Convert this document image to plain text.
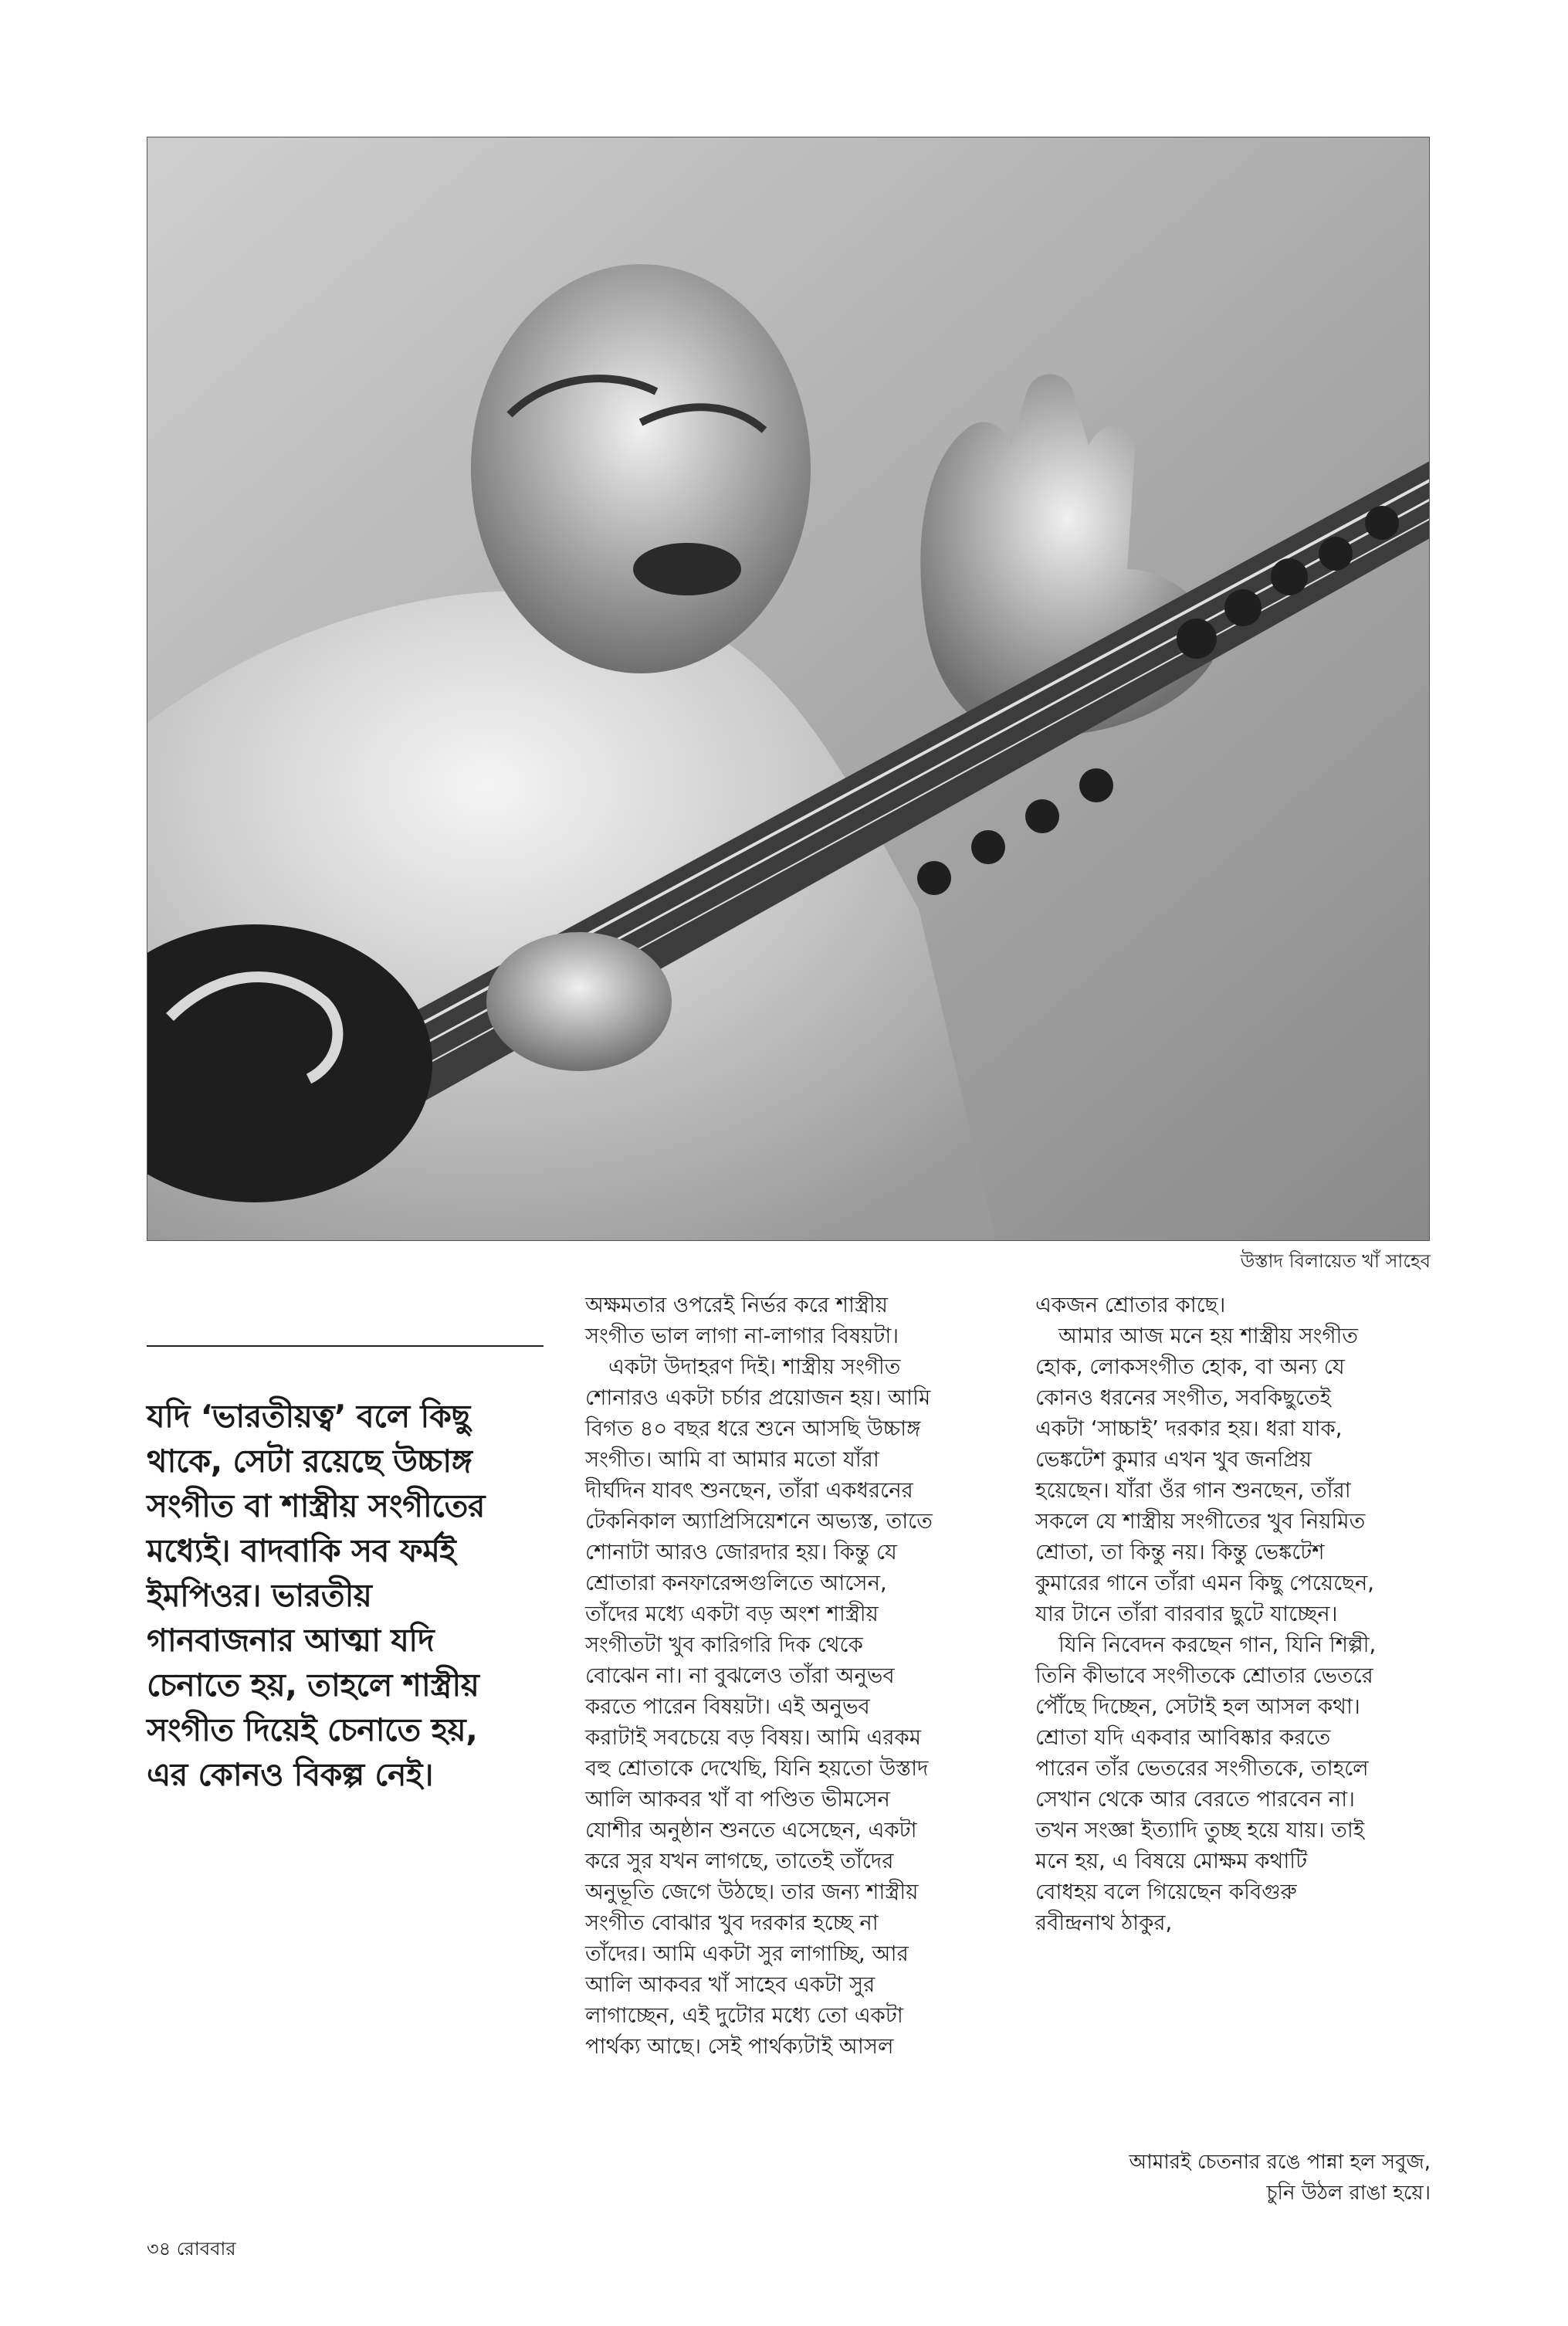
উস্তাদ বিলায়েত খাঁ সাহেব
যদি ‘ভারতীয়ত্ব’ বলে কিছু
থাকে, সেটা রয়েছে উচ্চাঙ্গ
সংগীত বা শাস্ত্রীয় সংগীতের
মধ্যেই। বাদবাকি সব ফর্মই
ইমপিওর। ভারতীয়
গানবাজনার আত্মা যদি
চেনাতে হয়, তাহলে শাস্ত্রীয়
সংগীত দিয়েই চেনাতে হয়,
এর কোনও বিকল্প নেই।
অক্ষমতার ওপরেই নির্ভর করে শাস্ত্রীয়
সংগীত ভাল লাগা না-লাগার বিষয়টা।
একটা উদাহরণ দিই। শাস্ত্রীয় সংগীত
শোনারও একটা চর্চার প্রয়োজন হয়। আমি
বিগত ৪০ বছর ধরে শুনে আসছি উচ্চাঙ্গ
সংগীত। আমি বা আমার মতো যাঁরা
দীর্ঘদিন যাবৎ শুনছেন, তাঁরা একধরনের
টেকনিকাল অ্যাপ্রিসিয়েশনে অভ্যস্ত, তাতে
শোনাটা আরও জোরদার হয়। কিন্তু যে
শ্রোতারা কনফারেন্সগুলিতে আসেন,
তাঁদের মধ্যে একটা বড় অংশ শাস্ত্রীয়
সংগীতটা খুব কারিগরি দিক থেকে
বোঝেন না। না বুঝলেও তাঁরা অনুভব
করতে পারেন বিষয়টা। এই অনুভব
করাটাই সবচেয়ে বড় বিষয়। আমি এরকম
বহু শ্রোতাকে দেখেছি, যিনি হয়তো উস্তাদ
আলি আকবর খাঁ বা পণ্ডিত ভীমসেন
যোশীর অনুষ্ঠান শুনতে এসেছেন, একটা
করে সুর যখন লাগছে, তাতেই তাঁদের
অনুভূতি জেগে উঠছে। তার জন্য শাস্ত্রীয়
সংগীত বোঝার খুব দরকার হচ্ছে না
তাঁদের। আমি একটা সুর লাগাচ্ছি, আর
আলি আকবর খাঁ সাহেব একটা সুর
লাগাচ্ছেন, এই দুটোর মধ্যে তো একটা
পার্থক্য আছে। সেই পার্থক্যটাই আসল
একজন শ্রোতার কাছে।
আমার আজ মনে হয় শাস্ত্রীয় সংগীত
হোক, লোকসংগীত হোক, বা অন্য যে
কোনও ধরনের সংগীত, সবকিছুতেই
একটা ‘সাচ্চাই’ দরকার হয়। ধরা যাক,
ভেঙ্কটেশ কুমার এখন খুব জনপ্রিয়
হয়েছেন। যাঁরা ওঁর গান শুনছেন, তাঁরা
সকলে যে শাস্ত্রীয় সংগীতের খুব নিয়মিত
শ্রোতা, তা কিন্তু নয়। কিন্তু ভেঙ্কটেশ
কুমারের গানে তাঁরা এমন কিছু পেয়েছেন,
যার টানে তাঁরা বারবার ছুটে যাচ্ছেন।
যিনি নিবেদন করছেন গান, যিনি শিল্পী,
তিনি কীভাবে সংগীতকে শ্রোতার ভেতরে
পৌঁছে দিচ্ছেন, সেটাই হল আসল কথা।
শ্রোতা যদি একবার আবিষ্কার করতে
পারেন তাঁর ভেতরের সংগীতকে, তাহলে
সেখান থেকে আর বেরতে পারবেন না।
তখন সংজ্ঞা ইত্যাদি তুচ্ছ হয়ে যায়। তাই
মনে হয়, এ বিষয়ে মোক্ষম কথাটি
বোধহয় বলে গিয়েছেন কবিগুরু
রবীন্দ্রনাথ ঠাকুর,
আমারই চেতনার রঙে পান্না হল সবুজ,
চুনি উঠল রাঙা হয়ে।
৩৪ রোববার
